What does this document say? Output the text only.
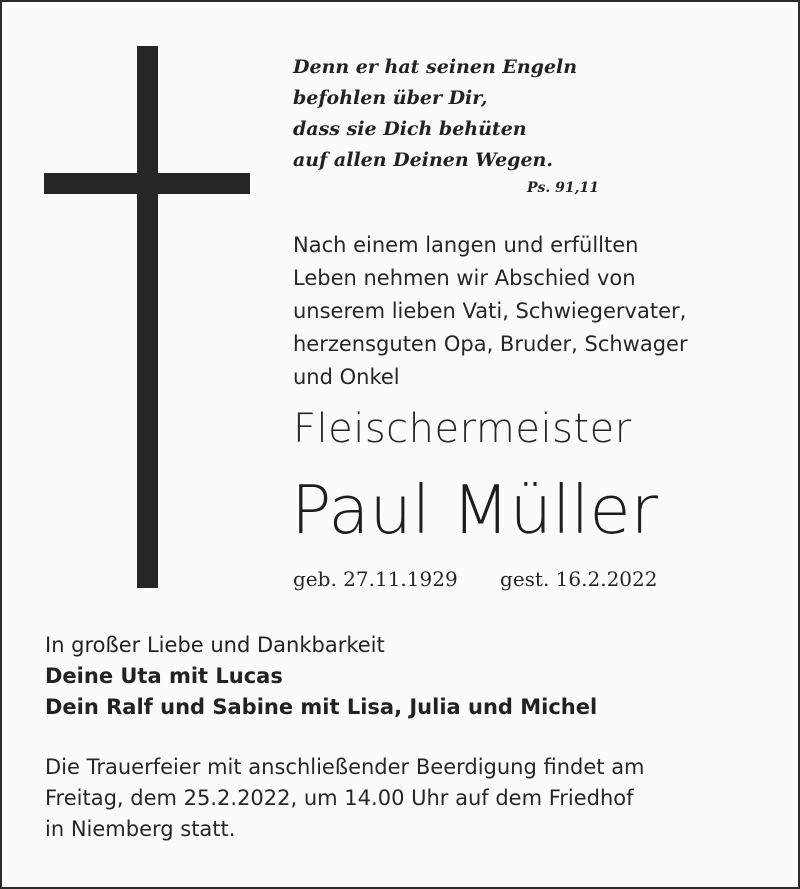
Denn er hat seinen Engeln
befohlen über Dir,
dass sie Dich behüten
auf allen Deinen Wegen.
Ps. 91,11
Nach einem langen und erfüllten
Leben nehmen wir Abschied von
unserem lieben Vati, Schwiegervater,
herzensguten Opa, Bruder, Schwager
und Onkel
Fleischermeister
Paul Müller
geb. 27.11.1929 gest. 16.2.2022
In großer Liebe und Dankbarkeit
Deine Uta mit Lucas
Dein Ralf und Sabine mit Lisa, Julia und Michel
Die Trauerfeier mit anschließender Beerdigung findet am
Freitag, dem 25.2.2022, um 14.00 Uhr auf dem Friedhof
in Niemberg statt.
